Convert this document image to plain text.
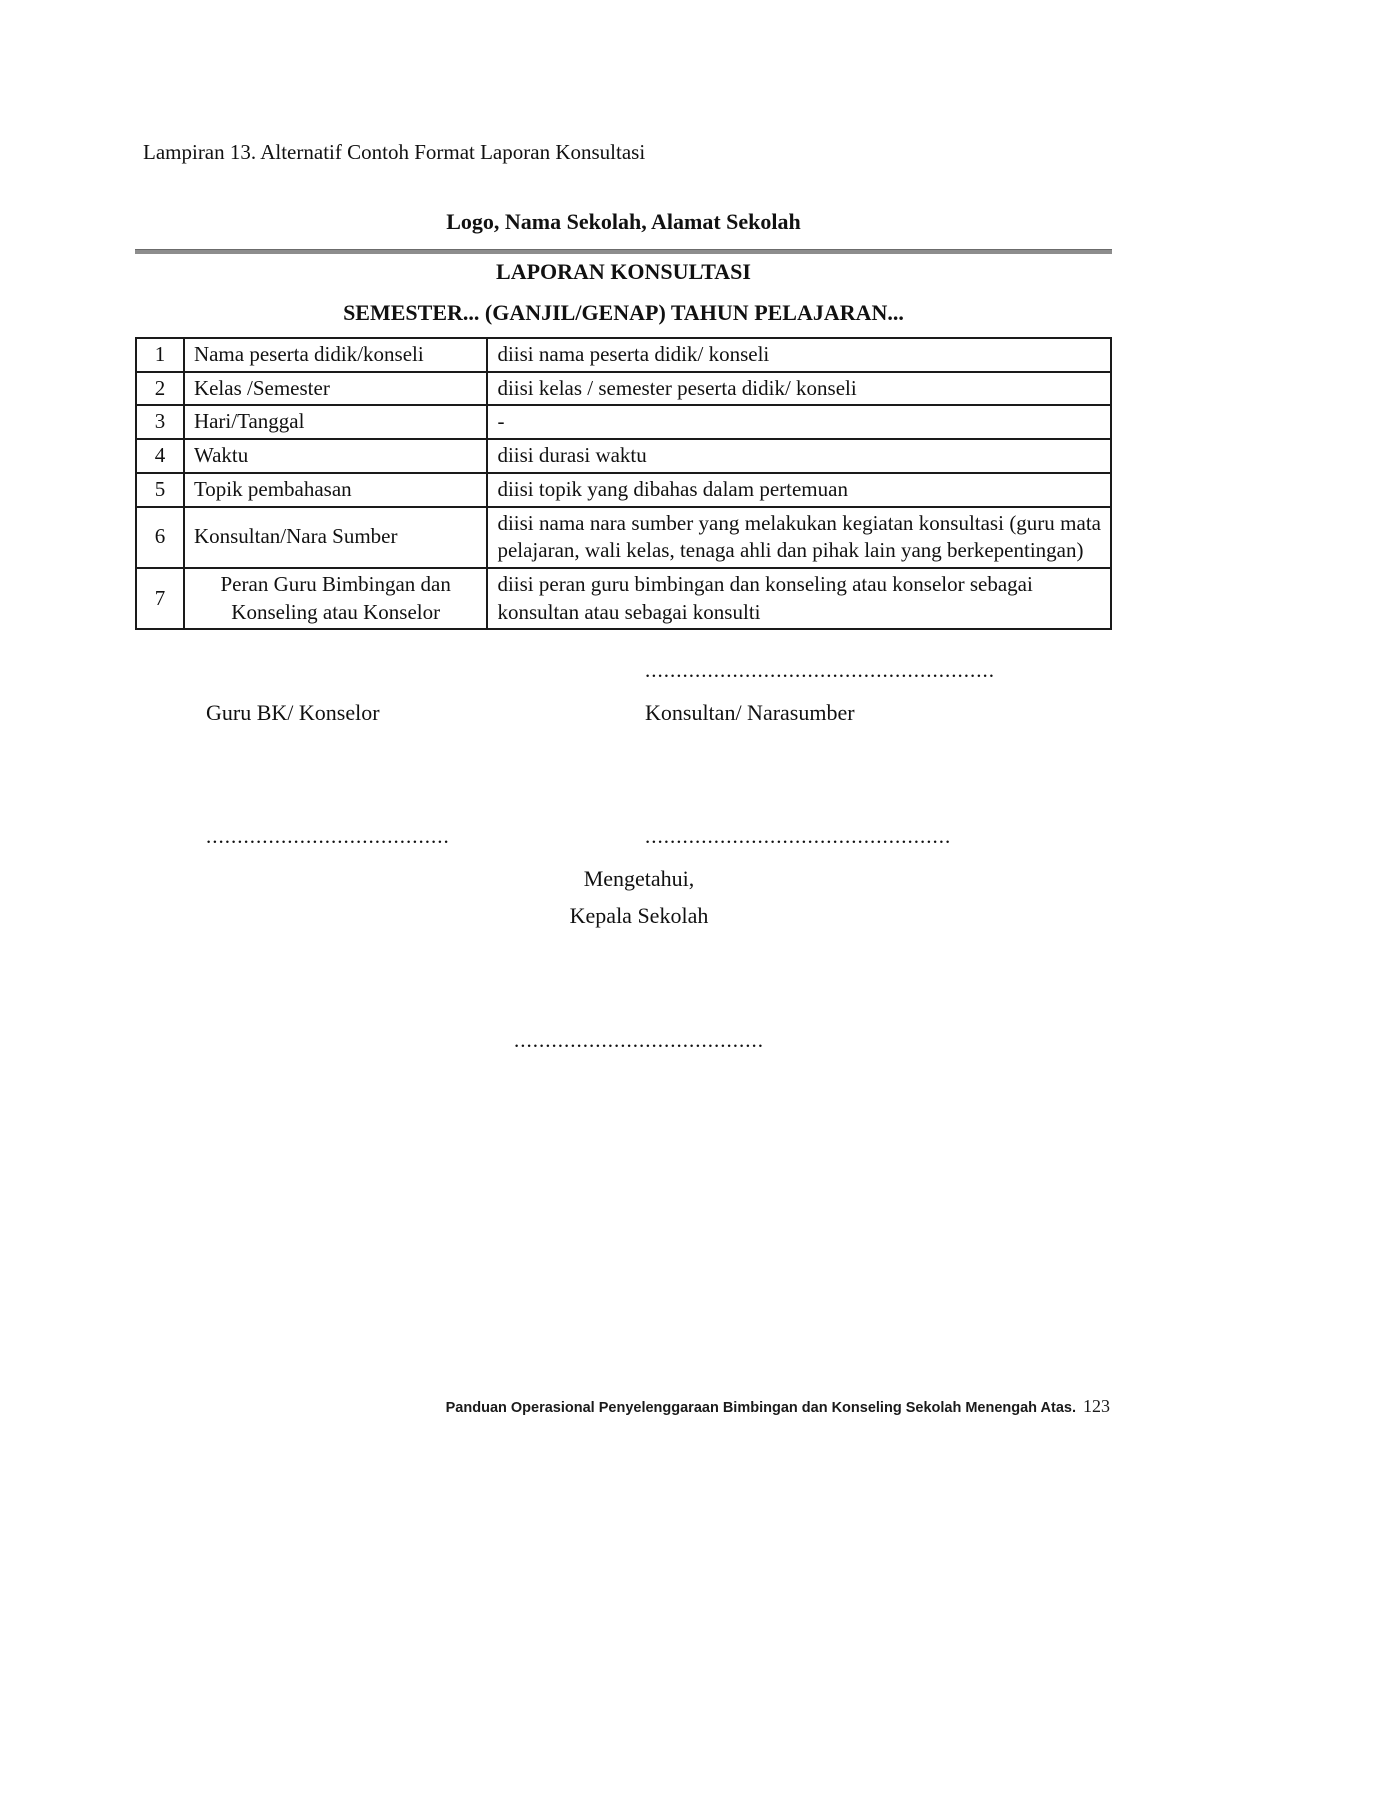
Lampiran 13. Alternatif Contoh Format Laporan Konsultasi
Logo, Nama Sekolah, Alamat Sekolah
LAPORAN KONSULTASI
SEMESTER... (GANJIL/GENAP) TAHUN PELAJARAN...
1	Nama peserta didik/konseli	diisi nama peserta didik/ konseli
2	Kelas /Semester	diisi kelas / semester peserta didik/ konseli
3	Hari/Tanggal	-
4	Waktu	diisi durasi waktu
5	Topik pembahasan	diisi topik yang dibahas dalam pertemuan
6	Konsultan/Nara Sumber	diisi nama nara sumber yang melakukan kegiatan konsultasi (guru mata pelajaran, wali kelas, tenaga ahli dan pihak lain yang berkepentingan)
7	Peran Guru Bimbingan dan Konseling atau Konselor	diisi peran guru bimbingan dan konseling atau konselor sebagai konsultan atau sebagai konsulti
........................................................
Guru BK/ Konselor	Konsultan/ Narasumber
.......................................	.................................................
Mengetahui,
Kepala Sekolah
........................................
Panduan Operasional Penyelenggaraan Bimbingan dan Konseling Sekolah Menengah Atas. 123
